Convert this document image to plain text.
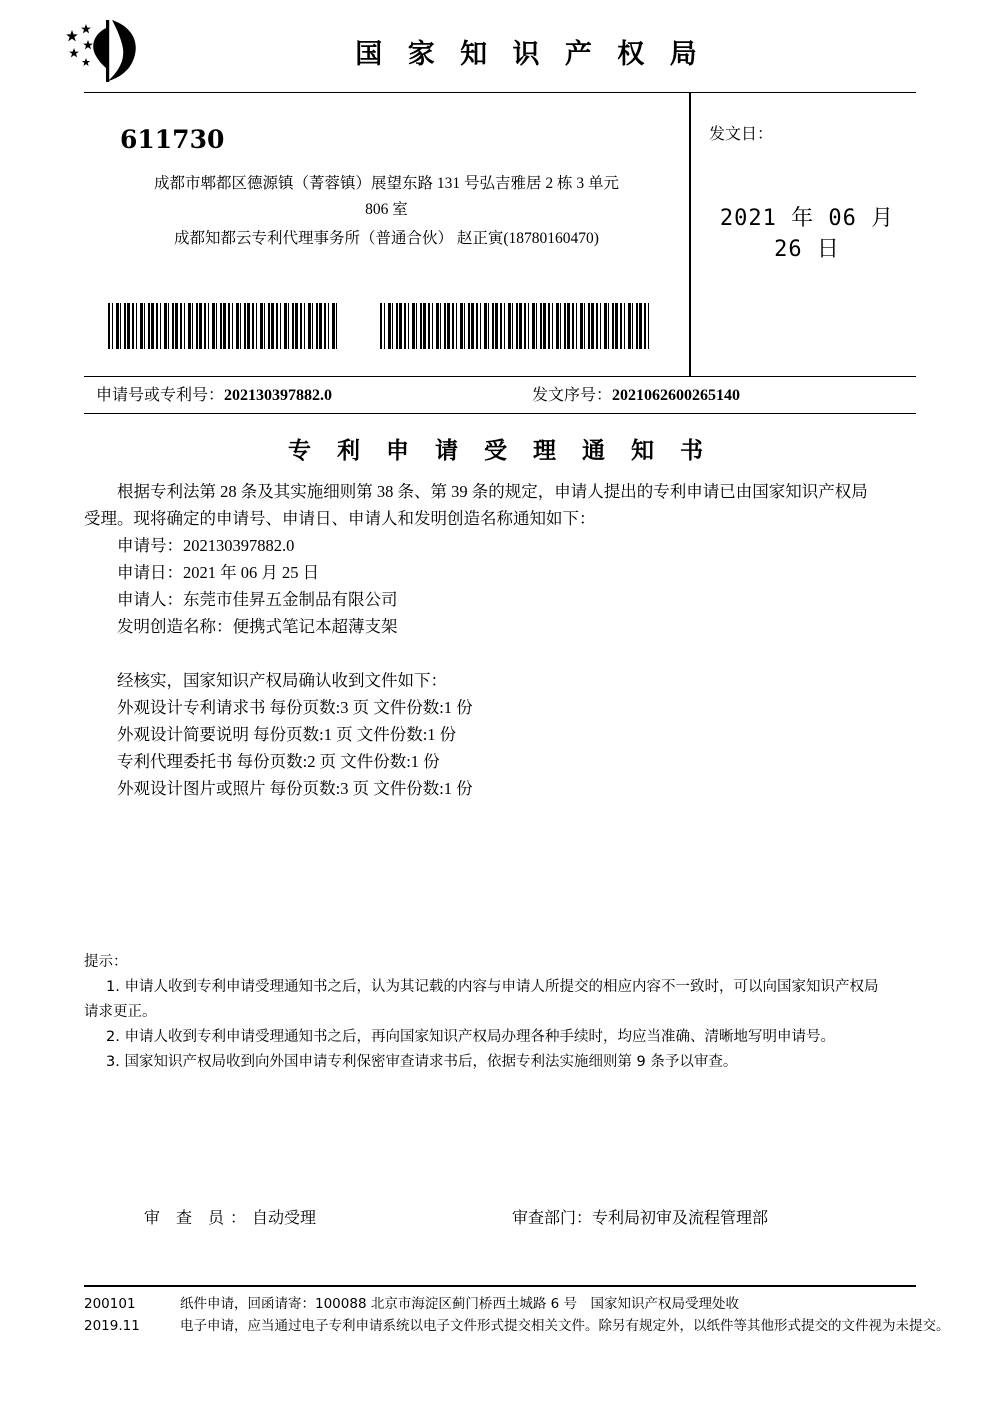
国 家 知 识 产 权 局
611730
成都市郫都区德源镇（菁蓉镇）展望东路 131 号弘吉雅居 2 栋 3 单元
806 室
成都知都云专利代理事务所（普通合伙） 赵正寅(18780160470)
发文日：
2021 年 06 月 26 日
申请号或专利号：202130397882.0	发文序号：2021062600265140
专 利 申 请 受 理 通 知 书
根据专利法第 28 条及其实施细则第 38 条、第 39 条的规定，申请人提出的专利申请已由国家知识产权局
受理。现将确定的申请号、申请日、申请人和发明创造名称通知如下：
申请号：202130397882.0
申请日：2021 年 06 月 25 日
申请人：东莞市佳昇五金制品有限公司
发明创造名称：便携式笔记本超薄支架
经核实，国家知识产权局确认收到文件如下：
外观设计专利请求书 每份页数:3 页 文件份数:1 份
外观设计简要说明 每份页数:1 页 文件份数:1 份
专利代理委托书 每份页数:2 页 文件份数:1 份
外观设计图片或照片 每份页数:3 页 文件份数:1 份
提示：
1. 申请人收到专利申请受理通知书之后，认为其记载的内容与申请人所提交的相应内容不一致时，可以向国家知识产权局
请求更正。
2. 申请人收到专利申请受理通知书之后，再向国家知识产权局办理各种手续时，均应当准确、清晰地写明申请号。
3. 国家知识产权局收到向外国申请专利保密审查请求书后，依据专利法实施细则第 9 条予以审查。
审 查 员：自动受理	审查部门：专利局初审及流程管理部
200101
2019.11
纸件申请，回函请寄：100088 北京市海淀区蓟门桥西土城路 6 号　国家知识产权局受理处收
电子申请，应当通过电子专利申请系统以电子文件形式提交相关文件。除另有规定外，以纸件等其他形式提交的文件视为未提交。
